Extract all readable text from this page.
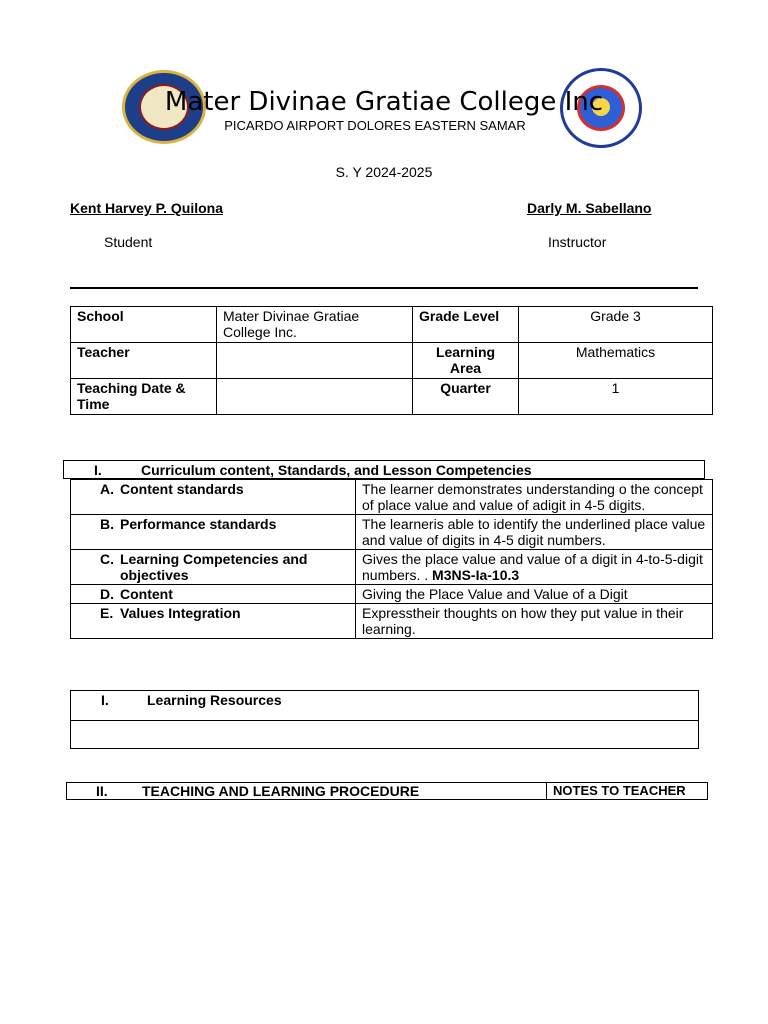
Mater Divinae Gratiae College Inc
PICARDO AIRPORT DOLORES EASTERN SAMAR
S. Y 2024-2025
Kent Harvey P. Quilona	Darly M. Sabellano
Student	Instructor
School	Mater Divinae Gratiae College Inc.	Grade Level	Grade 3
Teacher		Learning Area	Mathematics
Teaching Date & Time		Quarter	1
I.	Curriculum content, Standards, and Lesson Competencies
A. Content standards	The learner demonstrates understanding o the concept of place value and value of adigit in 4-5 digits.
B. Performance standards	The learneris able to identify the underlined place value and value of digits in 4-5 digit numbers.
C. Learning Competencies and objectives	Gives the place value and value of a digit in 4-to-5-digit numbers. . M3NS-Ia-10.3
D. Content	Giving the Place Value and Value of a Digit
E. Values Integration	Expresstheir thoughts on how they put value in their learning.
I.	Learning Resources
II. TEACHING AND LEARNING PROCEDURE	NOTES TO TEACHER
